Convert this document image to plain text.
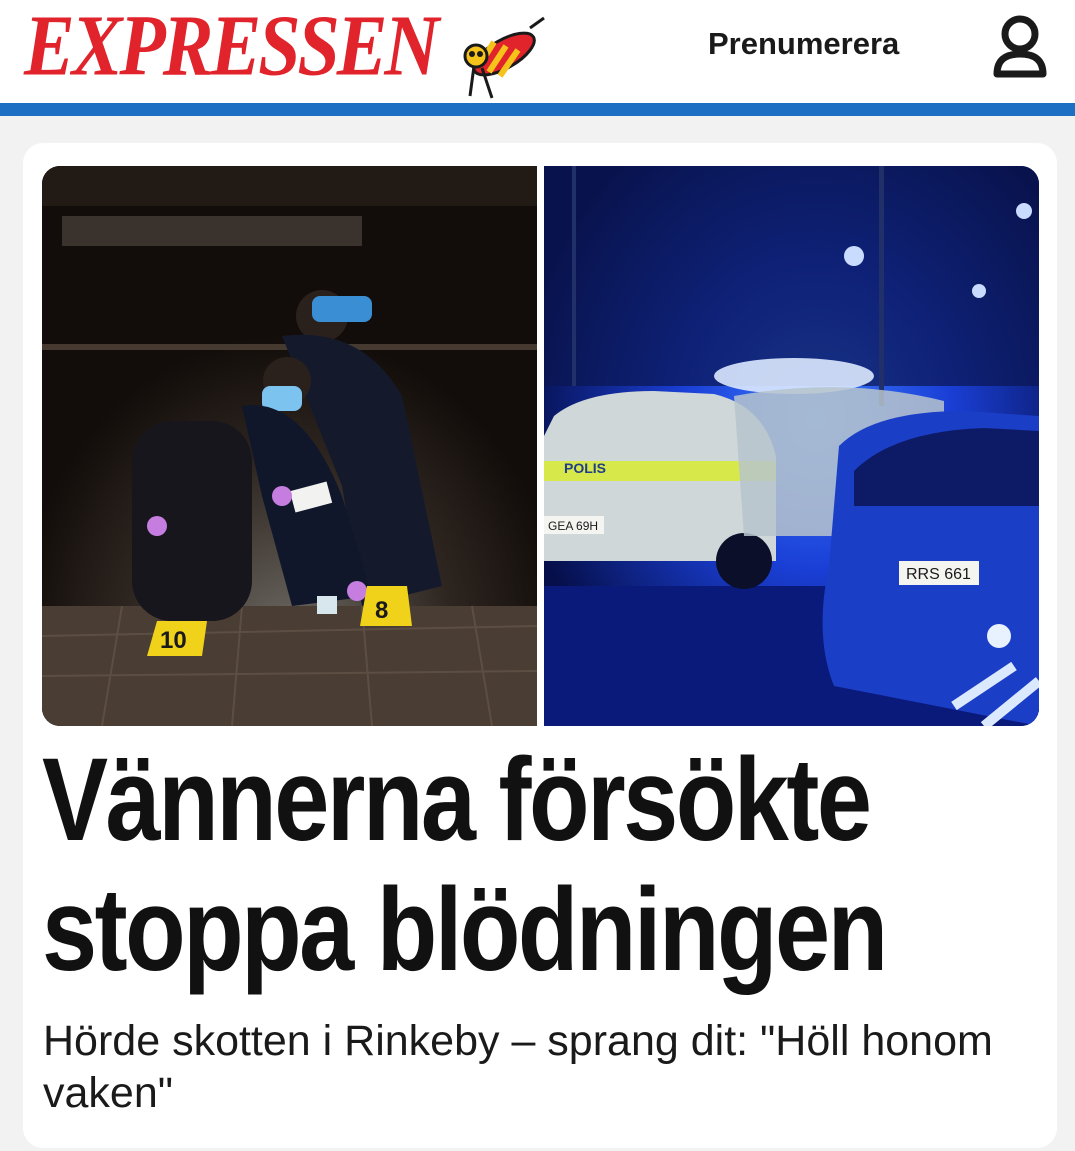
EXPRESSEN	Prenumerera
10
8
POLIS
GEA 69H
RRS 661
Vännerna försökte
stoppa blödningen

Hörde skotten i Rinkeby – sprang dit: "Höll honom vaken"
